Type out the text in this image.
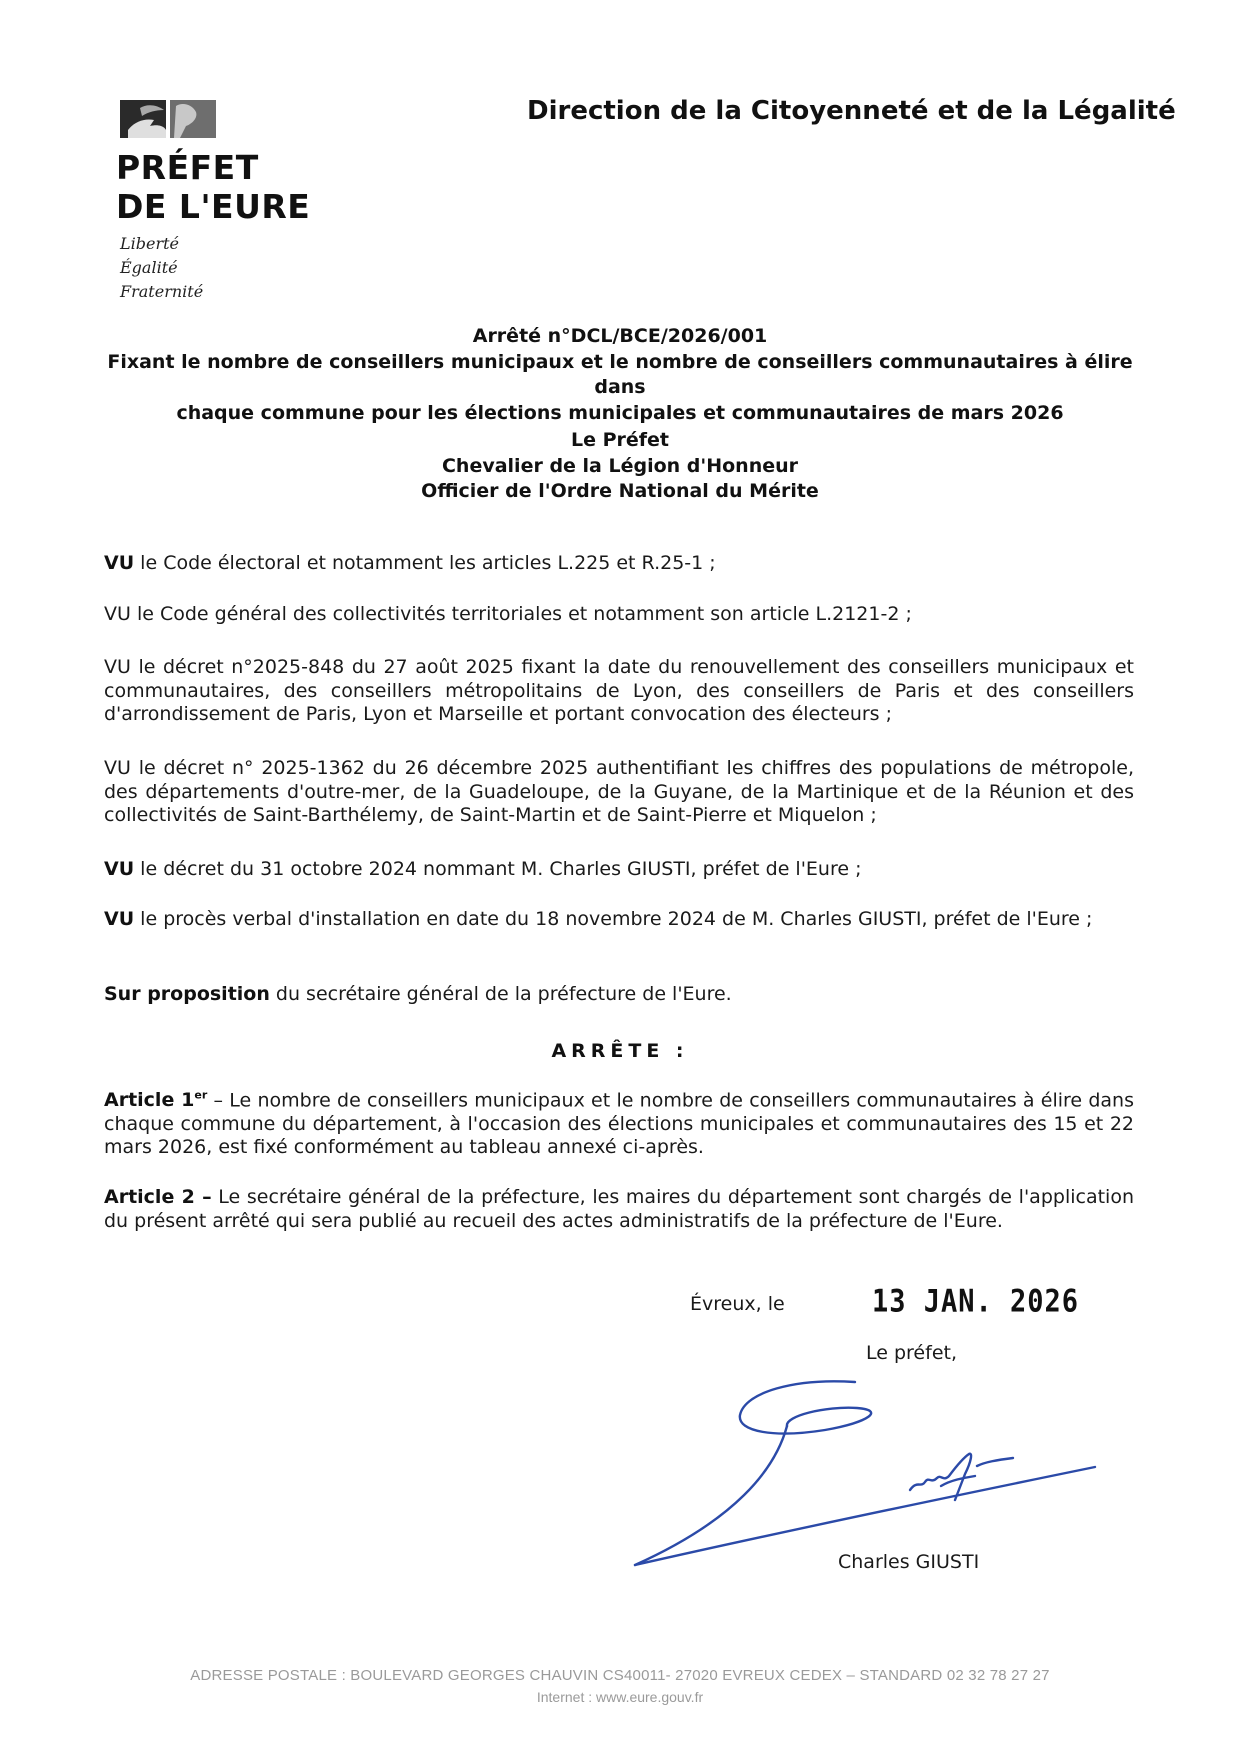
PRÉFET
DE L'EURE
Liberté
Égalité
Fraternité
Direction de la Citoyenneté et de la Légalité
Arrêté n°DCL/BCE/2026/001
Fixant le nombre de conseillers municipaux et le nombre de conseillers communautaires à élire dans
chaque commune pour les élections municipales et communautaires de mars 2026
Le Préfet
Chevalier de la Légion d'Honneur
Officier de l'Ordre National du Mérite
VU le Code électoral et notamment les articles L.225 et R.25-1 ;
VU le Code général des collectivités territoriales et notamment son article L.2121-2 ;
VU le décret n°2025-848 du 27 août 2025 fixant la date du renouvellement des conseillers municipaux et communautaires, des conseillers métropolitains de Lyon, des conseillers de Paris et des conseillers d'arrondissement de Paris, Lyon et Marseille et portant convocation des électeurs ;
VU le décret n° 2025-1362 du 26 décembre 2025 authentifiant les chiffres des populations de métropole, des départements d'outre-mer, de la Guadeloupe, de la Guyane, de la Martinique et de la Réunion et des collectivités de Saint-Barthélemy, de Saint-Martin et de Saint-Pierre et Miquelon ;
VU le décret du 31 octobre 2024 nommant M. Charles GIUSTI, préfet de l'Eure ;
VU le procès verbal d'installation en date du 18 novembre 2024 de M. Charles GIUSTI, préfet de l'Eure ;
Sur proposition du secrétaire général de la préfecture de l'Eure.
ARRÊTE :
Article 1er – Le nombre de conseillers municipaux et le nombre de conseillers communautaires à élire dans chaque commune du département, à l'occasion des élections municipales et communautaires des 15 et 22 mars 2026, est fixé conformément au tableau annexé ci-après.
Article 2 – Le secrétaire général de la préfecture, les maires du département sont chargés de l'application du présent arrêté qui sera publié au recueil des actes administratifs de la préfecture de l'Eure.
Évreux, le	13 JAN. 2026
Le préfet,
Charles GIUSTI
ADRESSE POSTALE : BOULEVARD GEORGES CHAUVIN CS40011- 27020 EVREUX CEDEX – STANDARD 02 32 78 27 27
Internet : www.eure.gouv.fr
